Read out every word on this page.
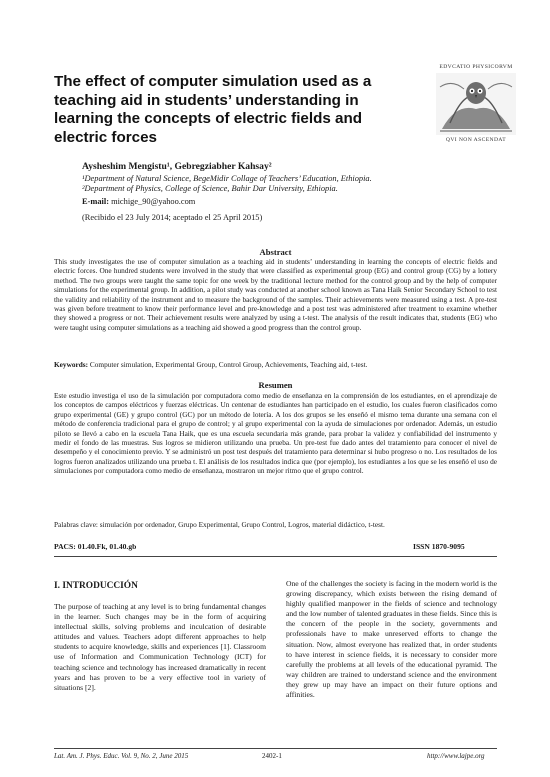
The effect of computer simulation used as a teaching aid in students’ understanding in learning the concepts of electric fields and electric forces
EDVCATIO PHYSICORVM
QVI NON ASCENDAT
Aysheshim Mengistu¹, Gebregziabher Kahsay²
¹Department of Natural Science, BegeMidir Collage of Teachers’ Education, Ethiopia.
²Department of Physics, College of Science, Bahir Dar University, Ethiopia.
E-mail: michige_90@yahoo.com
(Recibido el 23 July 2014; aceptado el 25 April 2015)
Abstract

This study investigates the use of computer simulation as a teaching aid in students’ understanding in learning the concepts of electric fields and electric forces. One hundred students were involved in the study that were classified as experimental group (EG) and control group (CG) by a lottery method. The two groups were taught the same topic for one week by the traditional lecture method for the control group and by the help of computer simulations for the experimental group. In addition, a pilot study was conducted at another school known as Tana Haik Senior Secondary School to test the validity and reliability of the instrument and to measure the background of the samples. Their achievements were measured using a test. A pre-test was given before treatment to know their performance level and pre-knowledge and a post test was administered after treatment to examine whether they showed a progress or not. Their achievement results were analyzed by using a t-test. The analysis of the result indicates that, students (EG) who were taught using computer simulations as a teaching aid showed a good progress than the control group.

Keywords: Computer simulation, Experimental Group, Control Group, Achievements, Teaching aid, t-test.
Resumen

Este estudio investiga el uso de la simulación por computadora como medio de enseñanza en la comprensión de los estudiantes, en el aprendizaje de los conceptos de campos eléctricos y fuerzas eléctricas. Un centenar de estudiantes han participado en el estudio, los cuales fueron clasificados como grupo experimental (GE) y grupo control (GC) por un método de lotería. A los dos grupos se les enseñó el mismo tema durante una semana con el método de conferencia tradicional para el grupo de control; y al grupo experimental con la ayuda de simulaciones por ordenador. Además, un estudio piloto se llevó a cabo en la escuela Tana Haik, que es una escuela secundaria más grande, para probar la validez y confiabilidad del instrumento y medir el fondo de las muestras. Sus logros se midieron utilizando una prueba. Un pre-test fue dado antes del tratamiento para conocer el nivel de desempeño y el conocimiento previo. Y se administró un post test después del tratamiento para determinar si hubo progreso o no. Los resultados de los logros fueron analizados utilizando una prueba t. El análisis de los resultados indica que (por ejemplo), los estudiantes a los que se les enseñó el uso de simulaciones por computadora como medio de enseñanza, mostraron un mejor ritmo que el grupo control.

Palabras clave: simulación por ordenador, Grupo Experimental, Grupo Control, Logros, material didáctico, t-test.
PACS: 01.40.Fk, 01.40.gb	ISSN 1870-9095
I. INTRODUCCIÓN

The purpose of teaching at any level is to bring fundamental changes in the learner. Such changes may be in the form of acquiring intellectual skills, solving problems and inculcation of desirable attitudes and values. Teachers adopt different approaches to help students to acquire knowledge, skills and experiences [1]. Classroom use of Information and Communication Technology (ICT) for teaching science and technology has increased dramatically in recent years and has proven to be a very effective tool in variety of situations [2].

One of the challenges the society is facing in the modern world is the growing discrepancy, which exists between the rising demand of highly qualified manpower in the fields of science and technology and the low number of talented graduates in these fields. Since this is the concern of the people in the society, governments and professionals have to make unreserved efforts to change the situation. Now, almost everyone has realized that, in order students to have interest in science fields, it is necessary to consider more carefully the problems at all levels of the educational pyramid. The way children are trained to understand science and the environment they grew up may have an impact on their future options and affinities.

Lat. Am. J. Phys. Educ. Vol. 9, No. 2, June 2015	2402-1	http://www.lajpe.org
